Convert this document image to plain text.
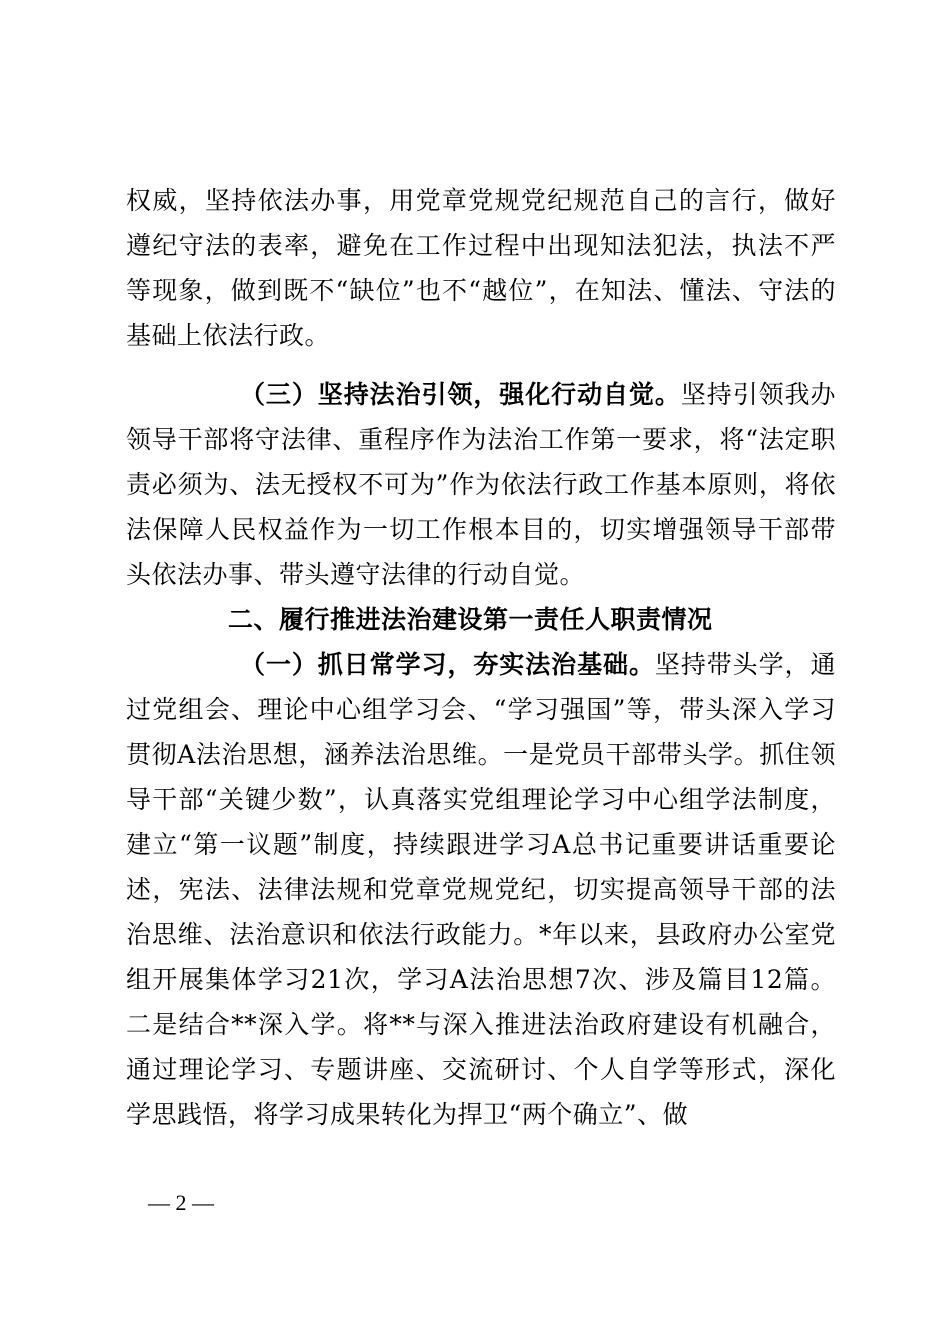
权威，坚持依法办事，用党章党规党纪规范自己的言行，做好遵纪守法的表率，避免在工作过程中出现知法犯法，执法不严等现象，做到既不“缺位”也不“越位”，在知法、懂法、守法的基础上依法行政。

（三）坚持法治引领，强化行动自觉。坚持引领我办领导干部将守法律、重程序作为法治工作第一要求，将“法定职责必须为、法无授权不可为”作为依法行政工作基本原则，将依法保障人民权益作为一切工作根本目的，切实增强领导干部带头依法办事、带头遵守法律的行动自觉。

二、履行推进法治建设第一责任人职责情况

（一）抓日常学习，夯实法治基础。坚持带头学，通过党组会、理论中心组学习会、“学习强国”等，带头深入学习贯彻A法治思想，涵养法治思维。一是党员干部带头学。抓住领导干部“关键少数”，认真落实党组理论学习中心组学法制度，建立“第一议题”制度，持续跟进学习A总书记重要讲话重要论述，宪法、法律法规和党章党规党纪，切实提高领导干部的法治思维、法治意识和依法行政能力。*年以来，县政府办公室党组开展集体学习21次，学习A法治思想7次、涉及篇目12篇。二是结合**深入学。将**与深入推进法治政府建设有机融合，通过理论学习、专题讲座、交流研讨、个人自学等形式，深化学思践悟，将学习成果转化为捍卫“两个确立”、做

— 2 —
